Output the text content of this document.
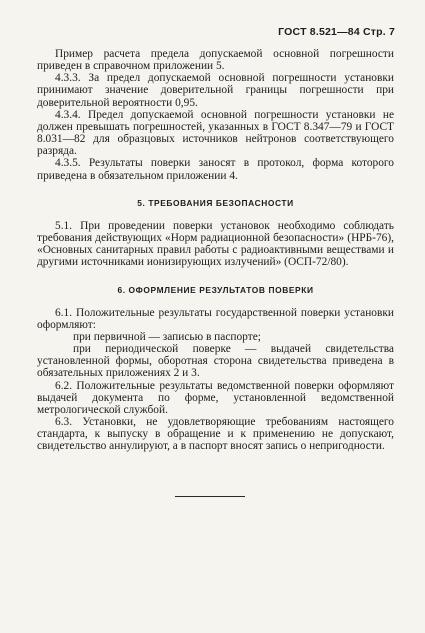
ГОСТ 8.521—84 Стр. 7

Пример расчета предела допускаемой основной погрешности приведен в справочном приложении 5.

4.3.3. За предел допускаемой основной погрешности установки принимают значение доверительной границы погрешности при доверительной вероятности 0,95.

4.3.4. Предел допускаемой основной погрешности установки не должен превышать погрешностей, указанных в ГОСТ 8.347—79 и ГОСТ 8.031—82 для образцовых источников нейтронов соответствующего разряда.

4.3.5. Результаты поверки заносят в протокол, форма которого приведена в обязательном приложении 4.

5. ТРЕБОВАНИЯ БЕЗОПАСНОСТИ

5.1. При проведении поверки установок необходимо соблюдать требования действующих «Норм радиационной безопасности» (НРБ-76), «Основных санитарных правил работы с радиоактивными веществами и другими источниками ионизирующих излучений» (ОСП-72/80).

6. ОФОРМЛЕНИЕ РЕЗУЛЬТАТОВ ПОВЕРКИ

6.1. Положительные результаты государственной поверки установки оформляют:

при первичной — записью в паспорте;

при периодической поверке — выдачей свидетельства установленной формы, оборотная сторона свидетельства приведена в обязательных приложениях 2 и 3.

6.2. Положительные результаты ведомственной поверки оформляют выдачей документа по форме, установленной ведомственной метрологической службой.

6.3. Установки, не удовлетворяющие требованиям настоящего стандарта, к выпуску в обращение и к применению не допускают, свидетельство аннулируют, а в паспорт вносят запись о непригодности.
